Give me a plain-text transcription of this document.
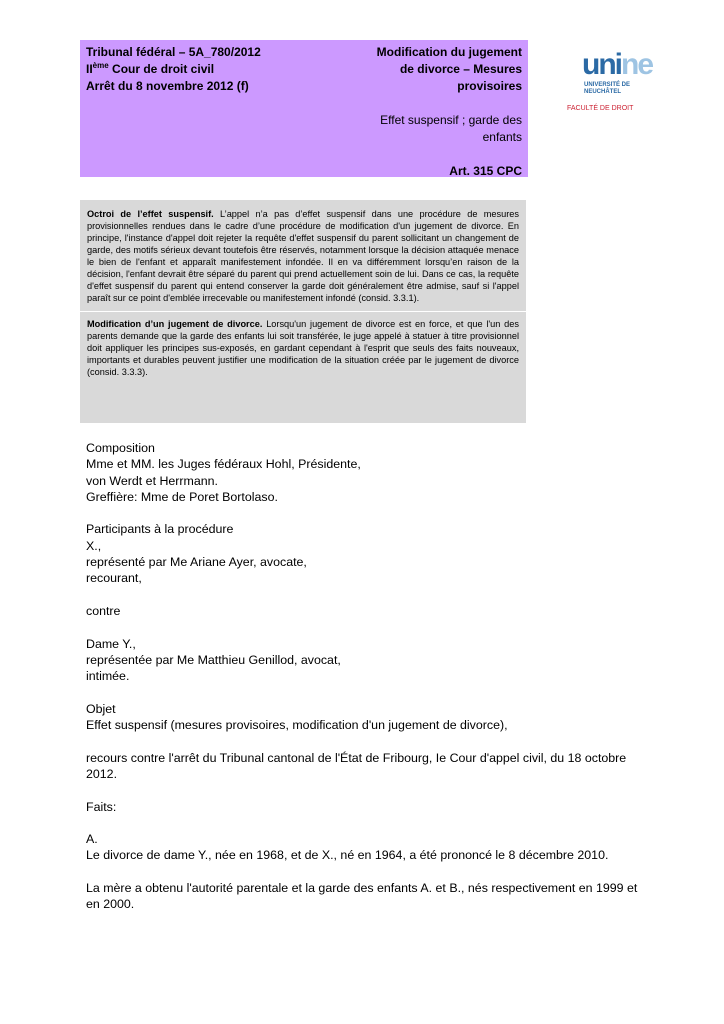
Tribunal fédéral – 5A_780/2012
IIème Cour de droit civil
Arrêt du 8 novembre 2012 (f)
Modification du jugement
de divorce – Mesures
provisoires
Effet suspensif ; garde des
enfants
Art. 315 CPC
unine
UNIVERSITÉ DE
NEUCHÂTEL
FACULTÉ DE DROIT

Octroi de l’effet suspensif. L’appel n’a pas d’effet suspensif dans une procédure de mesures provisionnelles rendues dans le cadre d’une procédure de modification d'un jugement de divorce. En principe, l'instance d'appel doit rejeter la requête d'effet suspensif du parent sollicitant un changement de garde, des motifs sérieux devant toutefois être réservés, notamment lorsque la décision attaquée menace le bien de l'enfant et apparaît manifestement infondée. Il en va différemment lorsqu’en raison de la décision, l'enfant devrait être séparé du parent qui prend actuellement soin de lui. Dans ce cas, la requête d'effet suspensif du parent qui entend conserver la garde doit généralement être admise, sauf si l'appel paraît sur ce point d'emblée irrecevable ou manifestement infondé (consid. 3.3.1).

Modification d’un jugement de divorce. Lorsqu'un jugement de divorce est en force, et que l'un des parents demande que la garde des enfants lui soit transférée, le juge appelé à statuer à titre provisionnel doit appliquer les principes sus-exposés, en gardant cependant à l'esprit que seuls des faits nouveaux, importants et durables peuvent justifier une modification de la situation créée par le jugement de divorce (consid. 3.3.3).

Composition

Mme et MM. les Juges fédéraux Hohl, Présidente,

von Werdt et Herrmann.

Greffière: Mme de Poret Bortolaso.

Participants à la procédure

X.,

représenté par Me Ariane Ayer, avocate,

recourant,

contre

Dame Y.,

représentée par Me Matthieu Genillod, avocat,

intimée.

Objet

Effet suspensif (mesures provisoires, modification d'un jugement de divorce),

recours contre l'arrêt du Tribunal cantonal de l'État de Fribourg, Ie Cour d'appel civil, du 18 octobre 2012.

Faits:

A.

Le divorce de dame Y., née en 1968, et de X., né en 1964, a été prononcé le 8 décembre 2010.

La mère a obtenu l'autorité parentale et la garde des enfants A. et B., nés respectivement en 1999 et en 2000.
